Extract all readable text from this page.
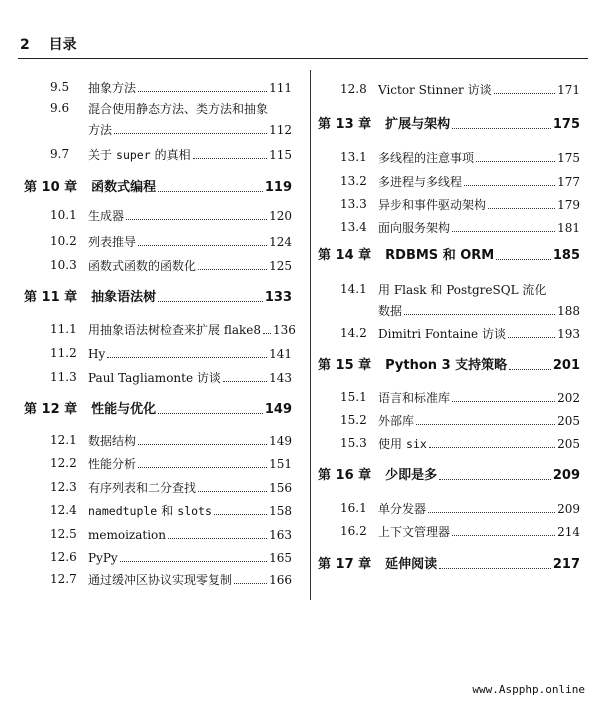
2 目录
9.5 抽象方法	111
9.6 混合使用静态方法、类方法和抽象
方法	112
9.7 关于 super 的真相	115
第 10 章 函数式编程	119
10.1 生成器	120
10.2 列表推导	124
10.3 函数式函数的函数化	125
第 11 章 抽象语法树	133
11.1 用抽象语法树检查来扩展 flake8 136
11.2 Hy	141
11.3 Paul Tagliamonte 访谈	143
第 12 章 性能与优化	149
12.1 数据结构	149
12.2 性能分析	151
12.3 有序列表和二分查找	156
12.4 namedtuple 和 slots	158
12.5 memoization	163
12.6 PyPy	165
12.7 通过缓冲区协议实现零复制	166
12.8 Victor Stinner 访谈	171
第 13 章 扩展与架构	175
13.1 多线程的注意事项	175
13.2 多进程与多线程	177
13.3 异步和事件驱动架构	179
13.4 面向服务架构	181
第 14 章 RDBMS 和 ORM	185
14.1 用 Flask 和 PostgreSQL 流化
数据	188
14.2 Dimitri Fontaine 访谈	193
第 15 章 Python 3 支持策略	201
15.1 语言和标准库	202
15.2 外部库	205
15.3 使用 six	205
第 16 章 少即是多	209
16.1 单分发器	209
16.2 上下文管理器	214
第 17 章 延伸阅读	217
www.Aspphp.online
